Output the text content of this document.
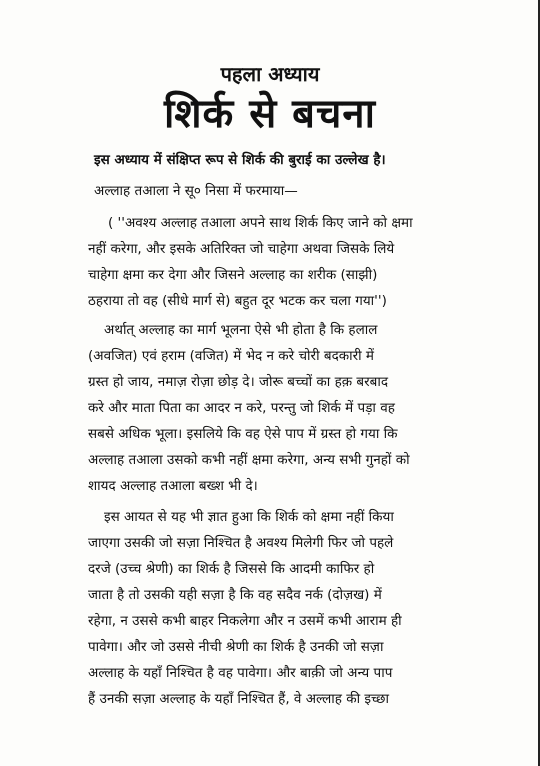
पहला अध्याय
शिर्क से बचना
इस अध्याय में संक्षिप्त रूप से शिर्क की बुराई का उल्लेख है।
अल्लाह तआला ने सू० निसा में फरमाया—
( ''अवश्य अल्लाह तआला अपने साथ शिर्क किए जाने को क्षमा
नहीं करेगा, और इसके अतिरिक्त जो चाहेगा अथवा जिसके लिये
चाहेगा क्षमा कर देगा और जिसने अल्लाह का शरीक (साझी)
ठहराया तो वह (सीधे मार्ग से) बहुत दूर भटक कर चला गया'')
अर्थात् अल्लाह का मार्ग भूलना ऐसे भी होता है कि हलाल
(अवजित) एवं हराम (वजित) में भेद न करे चोरी बदकारी में
ग्रस्त हो जाय, नमाज़ रोज़ा छोड़ दे। जोरू बच्चों का हक़ बरबाद
करे और माता पिता का आदर न करे, परन्तु जो शिर्क में पड़ा वह
सबसे अधिक भूला। इसलिये कि वह ऐसे पाप में ग्रस्त हो गया कि
अल्लाह तआला उसको कभी नहीं क्षमा करेगा, अन्य सभी गुनहों को
शायद अल्लाह तआला बख्श भी दे।
इस आयत से यह भी ज्ञात हुआ कि शिर्क को क्षमा नहीं किया
जाएगा उसकी जो सज़ा निश्चित है अवश्य मिलेगी फिर जो पहले
दरजे (उच्च श्रेणी) का शिर्क है जिससे कि आदमी काफिर हो
जाता है तो उसकी यही सज़ा है कि वह सदैव नर्क (दोज़ख) में
रहेगा, न उससे कभी बाहर निकलेगा और न उसमें कभी आराम ही
पावेगा। और जो उससे नीची श्रेणी का शिर्क है उनकी जो सज़ा
अल्लाह के यहाँ निश्चित है वह पावेगा। और बाक़ी जो अन्य पाप
हैं उनकी सज़ा अल्लाह के यहाँ निश्चित हैं, वे अल्लाह की इच्छा
